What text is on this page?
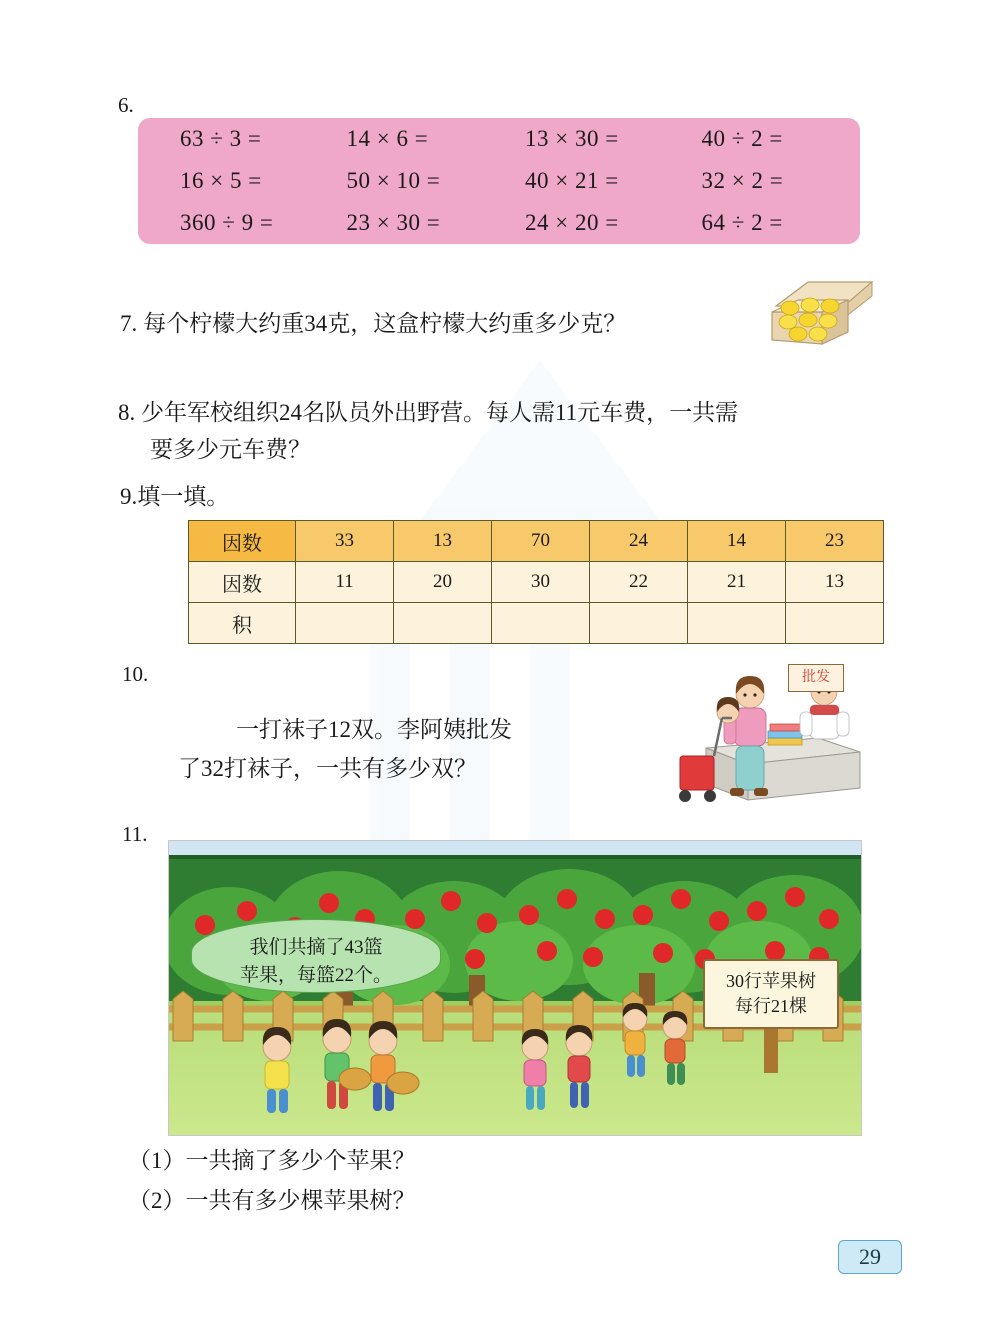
6.
63 ÷ 3 =	14 × 6 =	13 × 30 =	40 ÷ 2 =
16 × 5 =	50 × 10 =	40 × 21 =	32 × 2 =
360 ÷ 9 =	23 × 30 =	24 × 20 =	64 ÷ 2 =
7. 每个柠檬大约重34克，这盒柠檬大约重多少克？
8. 少年军校组织24名队员外出野营。每人需11元车费，一共需
要多少元车费？
9.填一填。
因数	33	13	70	24	14	23
因数	11	20	30	22	21	13
积						
10.
一打袜子12双。李阿姨批发
了32打袜子，一共有多少双？
批发
11.
我们共摘了43篮
苹果，每篮22个。	30行苹果树
每行21棵
（1）一共摘了多少个苹果？
（2）一共有多少棵苹果树？
29
